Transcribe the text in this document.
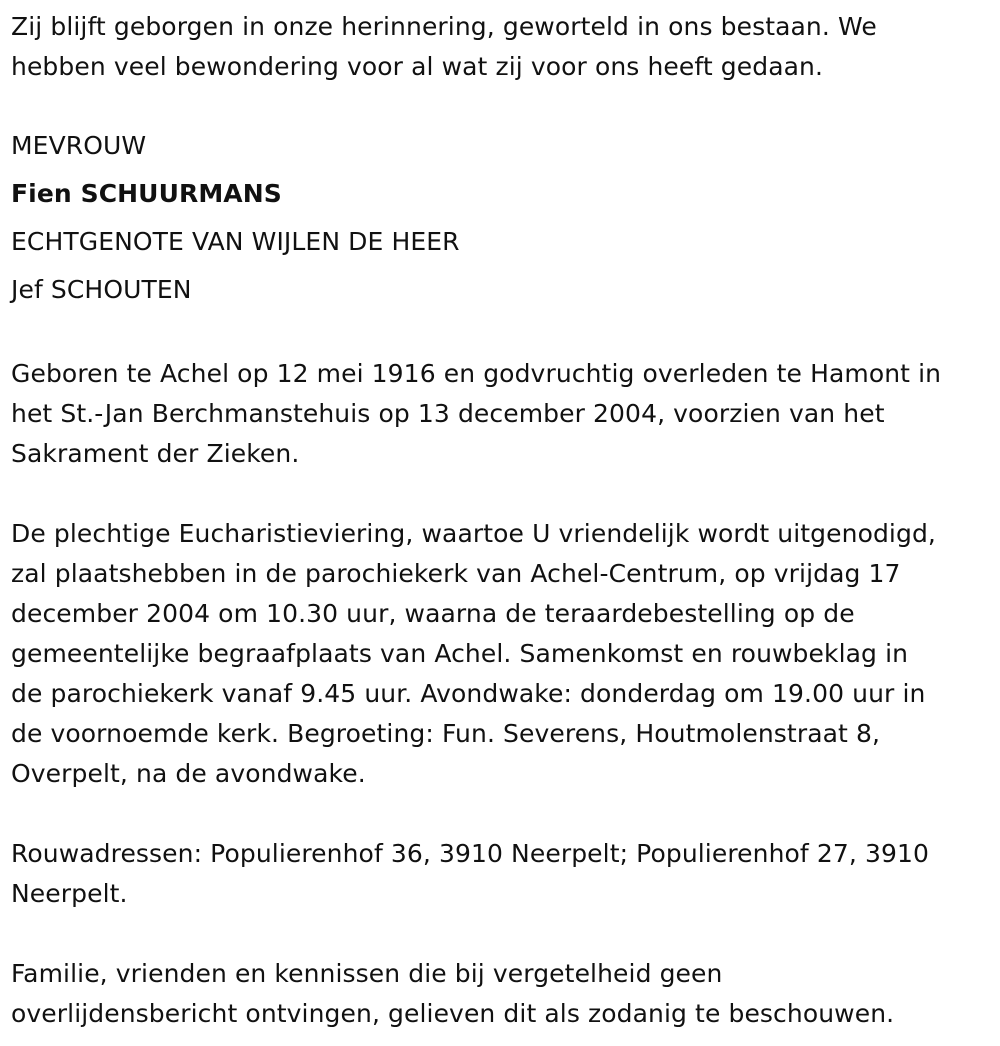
Zij blijft geborgen in onze herinnering, geworteld in ons bestaan. We
hebben veel bewondering voor al wat zij voor ons heeft gedaan.
MEVROUW
Fien SCHUURMANS
ECHTGENOTE VAN WIJLEN DE HEER
Jef SCHOUTEN
Geboren te Achel op 12 mei 1916 en godvruchtig overleden te Hamont in
het St.-Jan Berchmanstehuis op 13 december 2004, voorzien van het
Sakrament der Zieken.
De plechtige Eucharistieviering, waartoe U vriendelijk wordt uitgenodigd,
zal plaatshebben in de parochiekerk van Achel-Centrum, op vrijdag 17
december 2004 om 10.30 uur, waarna de teraardebestelling op de
gemeentelijke begraafplaats van Achel. Samenkomst en rouwbeklag in
de parochiekerk vanaf 9.45 uur. Avondwake: donderdag om 19.00 uur in
de voornoemde kerk. Begroeting: Fun. Severens, Houtmolenstraat 8,
Overpelt, na de avondwake.
Rouwadressen: Populierenhof 36, 3910 Neerpelt; Populierenhof 27, 3910
Neerpelt.
Familie, vrienden en kennissen die bij vergetelheid geen
overlijdensbericht ontvingen, gelieven dit als zodanig te beschouwen.
